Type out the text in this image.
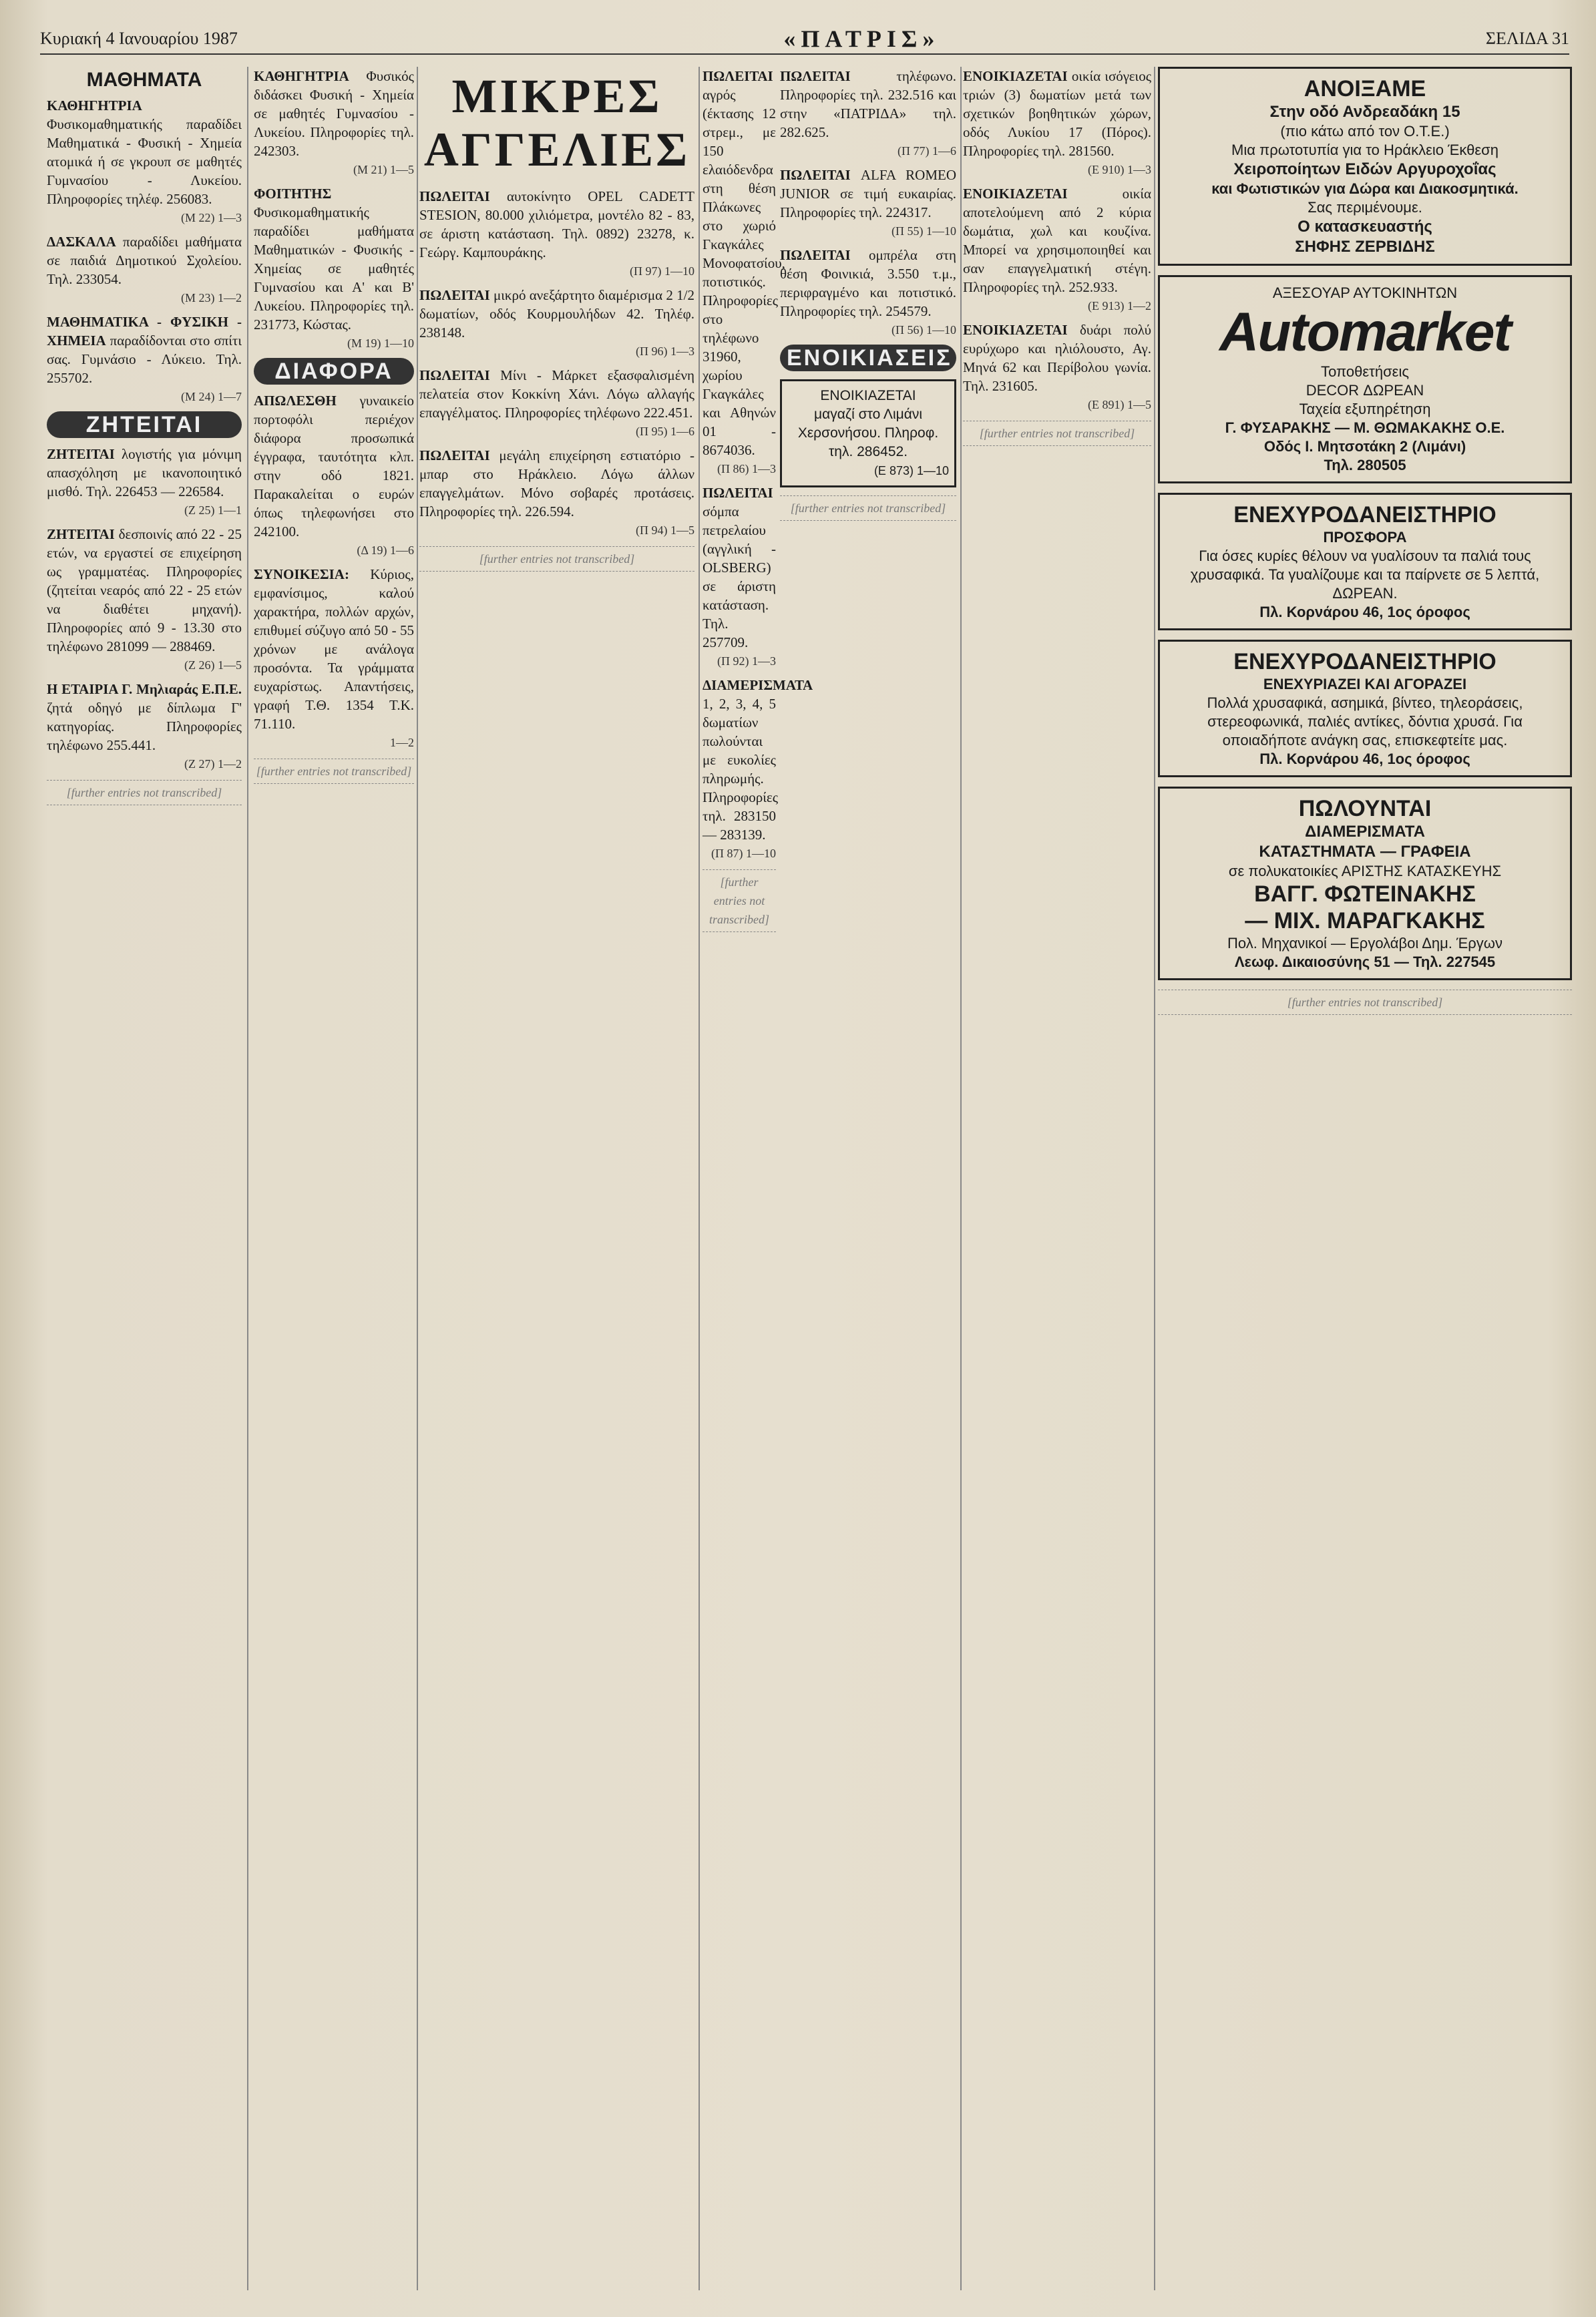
Κυριακή 4 Ιανουαρίου 1987	«ΠΑΤΡΙΣ»	ΣΕΛΙΔΑ 31
ΜΑΘΗΜΑΤΑ
ΚΑΘΗΓΗΤΡΙΑ Φυσικομαθηματικής παραδίδει Μαθηματικά - Φυσική - Χημεία ατομικά ή σε γκρουπ σε μαθητές Γυμνασίου - Λυκείου. Πληροφορίες τηλέφ. 256083.
(Μ 22) 1—3
ΔΑΣΚΑΛΑ παραδίδει μαθήματα σε παιδιά Δημοτικού Σχολείου. Τηλ. 233054.
(Μ 23) 1—2
ΜΑΘΗΜΑΤΙΚΑ - ΦΥΣΙΚΗ - ΧΗΜΕΙΑ παραδίδονται στο σπίτι σας. Γυμνάσιο - Λύκειο. Τηλ. 255702.
(Μ 24) 1—7
ΖΗΤΕΙΤΑΙ
ΖΗΤΕΙΤΑΙ λογιστής για μόνιμη απασχόληση με ικανοποιητικό μισθό. Τηλ. 226453 — 226584.
(Ζ 25) 1—1
ΖΗΤΕΙΤΑΙ δεσποινίς από 22 - 25 ετών, να εργαστεί σε επιχείρηση ως γραμματέας. Πληροφορίες (ζητείται νεαρός από 22 - 25 ετών να διαθέτει μηχανή). Πληροφορίες από 9 - 13.30 στο τηλέφωνο 281099 — 288469.
(Ζ 26) 1—5
Η ΕΤΑΙΡΙΑ Γ. Μηλιαράς Ε.Π.Ε. ζητά οδηγό με δίπλωμα Γ' κατηγορίας. Πληροφορίες τηλέφωνο 255.441.
(Ζ 27) 1—2
[further entries not transcribed]
ΚΑΘΗΓΗΤΡΙΑ Φυσικός διδάσκει Φυσική - Χημεία σε μαθητές Γυμνασίου - Λυκείου. Πληροφορίες τηλ. 242303.
(Μ 21) 1—5
ΦΟΙΤΗΤΗΣ Φυσικομαθηματικής παραδίδει μαθήματα Μαθηματικών - Φυσικής - Χημείας σε μαθητές Γυμνασίου και Α' και Β' Λυκείου. Πληροφορίες τηλ. 231773, Κώστας.
(Μ 19) 1—10
ΔΙΑΦΟΡΑ
ΑΠΩΛΕΣΘΗ γυναικείο πορτοφόλι περιέχον διάφορα προσωπικά έγγραφα, ταυτότητα κλπ. στην οδό 1821. Παρακαλείται ο ευρών όπως τηλεφωνήσει στο 242100.
(Δ 19) 1—6
ΣΥΝΟΙΚΕΣΙΑ: Κύριος, εμφανίσιμος, καλού χαρακτήρα, πολλών αρχών, επιθυμεί σύζυγο από 50 - 55 χρόνων με ανάλογα προσόντα. Τα γράμματα ευχαρίστως. Απαντήσεις, γραφή Τ.Θ. 1354 Τ.Κ. 71.110.
1—2
[further entries not transcribed]
ΜΙΚΡΕΣ ΑΓΓΕΛΙΕΣ
ΠΩΛΕΙΤΑΙ αυτοκίνητο OPEL CADETT STESION, 80.000 χιλιόμετρα, μοντέλο 82 - 83, σε άριστη κατάσταση. Τηλ. 0892) 23278, κ. Γεώργ. Καμπουράκης.
(Π 97) 1—10
ΠΩΛΕΙΤΑΙ μικρό ανεξάρτητο διαμέρισμα 2 1/2 δωματίων, οδός Κουρμουλήδων 42. Τηλέφ. 238148.
(Π 96) 1—3
ΠΩΛΕΙΤΑΙ Μίνι - Μάρκετ εξασφαλισμένη πελατεία στον Κοκκίνη Χάνι. Λόγω αλλαγής επαγγέλματος. Πληροφορίες τηλέφωνο 222.451.
(Π 95) 1—6
ΠΩΛΕΙΤΑΙ μεγάλη επιχείρηση εστιατόριο - μπαρ στο Ηράκλειο. Λόγω άλλων επαγγελμάτων. Μόνο σοβαρές προτάσεις. Πληροφορίες τηλ. 226.594.
(Π 94) 1—5
[further entries not transcribed]
ΠΩΛΕΙΤΑΙ αγρός (έκτασης 12 στρεμ., με 150 ελαιόδενδρα στη θέση Πλάκωνες στο χωριό Γκαγκάλες Μονοφατσίου, ποτιστικός. Πληροφορίες στο τηλέφωνο 31960, χωρίου Γκαγκάλες και Αθηνών 01 - 8674036.
(Π 86) 1—3
ΠΩΛΕΙΤΑΙ σόμπα πετρελαίου (αγγλική - OLSBERG) σε άριστη κατάσταση. Τηλ. 257709.
(Π 92) 1—3
ΔΙΑΜΕΡΙΣΜΑΤΑ 1, 2, 3, 4, 5 δωματίων πωλούνται με ευκολίες πληρωμής. Πληροφορίες τηλ. 283150 — 283139.
(Π 87) 1—10
[further entries not transcribed]
ΠΩΛΕΙΤΑΙ	τηλέφωνο. Πληροφορίες τηλ. 232.516 και στην «ΠΑΤΡΙΔΑ» τηλ. 282.625.
(Π 77) 1—6
ΠΩΛΕΙΤΑΙ ALFA ROMEO JUNIOR σε τιμή ευκαιρίας. Πληροφορίες τηλ. 224317.
(Π 55) 1—10
ΠΩΛΕΙΤΑΙ ομπρέλα στη θέση Φοινικιά, 3.550 τ.μ., περιφραγμένο και ποτιστικό. Πληροφορίες τηλ. 254579.
(Π 56) 1—10
ΕΝΟΙΚΙΑΣΕΙΣ
ΕΝΟΙΚΙΑΖΕΤΑΙ
μαγαζί στο Λιμάνι Χερσονήσου. Πληροφ. τηλ. 286452.
(Ε 873) 1—10
[further entries not transcribed]
ΕΝΟΙΚΙΑΖΕΤΑΙ οικία ισόγειος τριών (3) δωματίων μετά των σχετικών βοηθητικών χώρων, οδός Λυκίου 17 (Πόρος). Πληροφορίες τηλ. 281560.
(Ε 910) 1—3
ΕΝΟΙΚΙΑΖΕΤΑΙ	οικία αποτελούμενη από 2 κύρια δωμάτια, χωλ και κουζίνα. Μπορεί να χρησιμοποιηθεί και σαν επαγγελματική στέγη. Πληροφορίες τηλ. 252.933.
(Ε 913) 1—2
ΕΝΟΙΚΙΑΖΕΤΑΙ δυάρι πολύ ευρύχωρο και ηλιόλουστο, Αγ. Μηνά 62 και Περίβολου γωνία. Τηλ. 231605.
(Ε 891) 1—5
[further entries not transcribed]
ΑΝΟΙΞΑΜΕ
Στην οδό Ανδρεαδάκη 15
(πιο κάτω από τον Ο.Τ.Ε.)
Μια πρωτοτυπία για το Ηράκλειο Έκθεση
Χειροποίητων Ειδών Αργυροχοΐας
και Φωτιστικών για Δώρα και Διακοσμητικά.
Σας περιμένουμε.
Ο κατασκευαστής
ΣΗΦΗΣ ΖΕΡΒΙΔΗΣ
ΑΞΕΣΟΥΑΡ ΑΥΤΟΚΙΝΗΤΩΝ
Automarket
Τοποθετήσεις
DECOR ΔΩΡΕΑΝ
Ταχεία εξυπηρέτηση
Γ. ΦΥΣΑΡΑΚΗΣ — Μ. ΘΩΜΑΚΑΚΗΣ Ο.Ε.
Οδός Ι. Μητσοτάκη 2 (Λιμάνι)
Τηλ. 280505
ΕΝΕΧΥΡΟΔΑΝΕΙΣΤΗΡΙΟ
ΠΡΟΣΦΟΡΑ
Για όσες κυρίες θέλουν να γυαλίσουν τα παλιά τους χρυσαφικά. Τα γυαλίζουμε και τα παίρνετε σε 5 λεπτά, ΔΩΡΕΑΝ.
Πλ. Κορνάρου 46, 1ος όροφος
ΕΝΕΧΥΡΟΔΑΝΕΙΣΤΗΡΙΟ
ΕΝΕΧΥΡΙΑΖΕΙ ΚΑΙ ΑΓΟΡΑΖΕΙ
Πολλά χρυσαφικά, ασημικά, βίντεο, τηλεοράσεις, στερεοφωνικά, παλιές αντίκες, δόντια χρυσά. Για οποιαδήποτε ανάγκη σας, επισκεφτείτε μας.
Πλ. Κορνάρου 46, 1ος όροφος
ΠΩΛΟΥΝΤΑΙ
ΔΙΑΜΕΡΙΣΜΑΤΑ
ΚΑΤΑΣΤΗΜΑΤΑ — ΓΡΑΦΕΙΑ
σε πολυκατοικίες ΑΡΙΣΤΗΣ ΚΑΤΑΣΚΕΥΗΣ
ΒΑΓΓ. ΦΩΤΕΙΝΑΚΗΣ
— ΜΙΧ. ΜΑΡΑΓΚΑΚΗΣ
Πολ. Μηχανικοί — Εργολάβοι Δημ. Έργων
Λεωφ. Δικαιοσύνης 51 — Τηλ. 227545
[further entries not transcribed]
